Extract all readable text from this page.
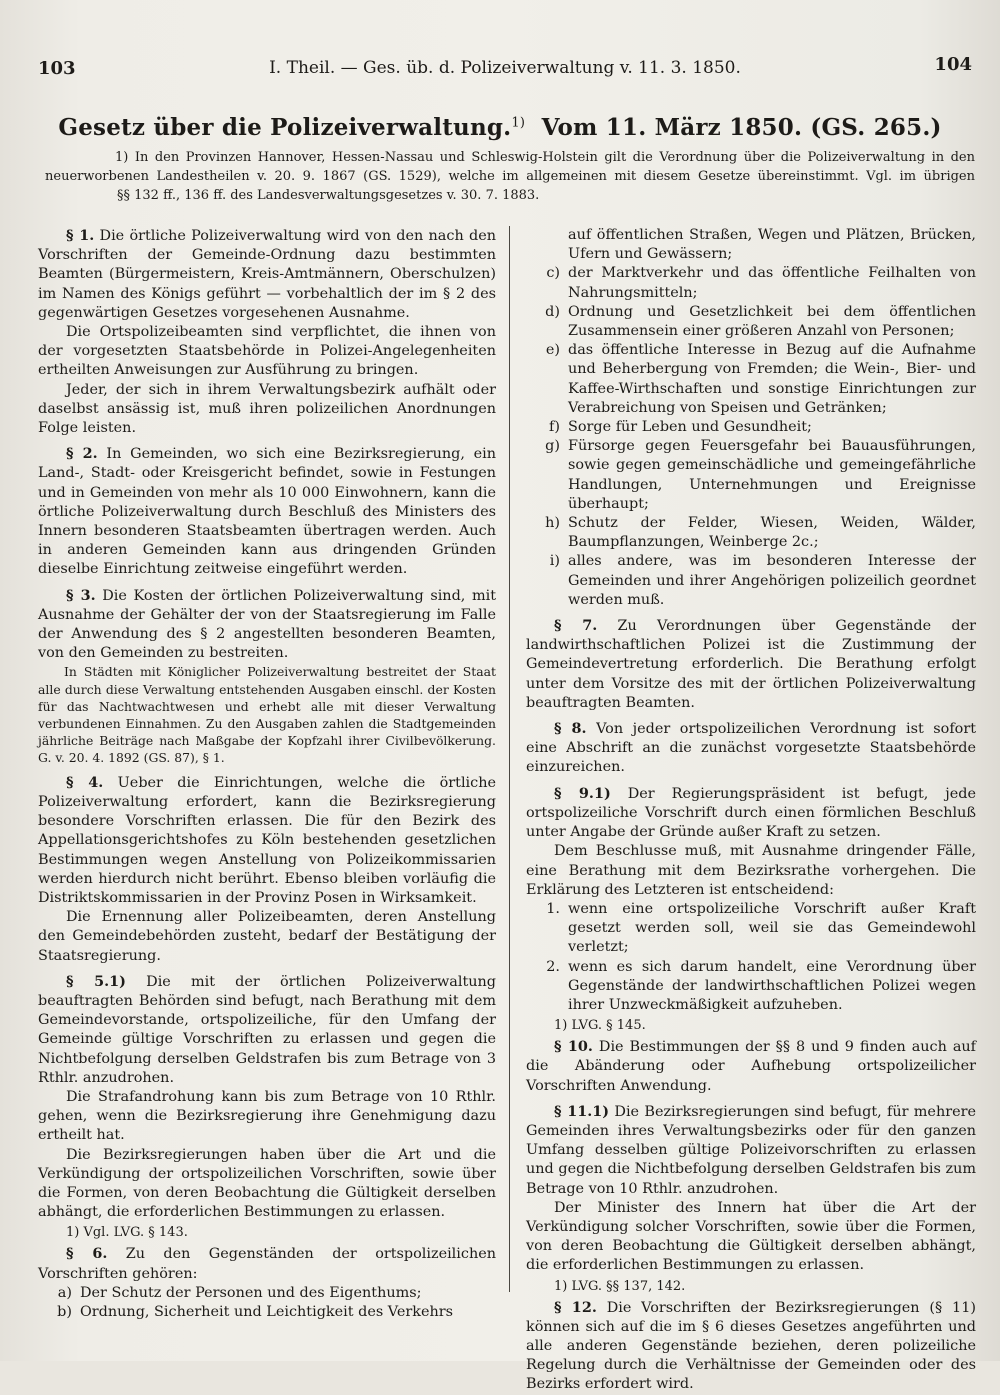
103	I. Theil. — Ges. üb. d. Polizeiverwaltung v. 11. 3. 1850.	104
Gesetz über die Polizeiverwaltung.$^{1)}$ Vom 11. März 1850. (GS. 265.)
1) In den Provinzen Hannover, Hessen-Nassau und Schleswig-Holstein gilt die Verordnung über die Polizeiverwaltung in den
neuerworbenen Landestheilen v. 20. 9. 1867 (GS. 1529), welche im allgemeinen mit diesem Gesetze übereinstimmt. Vgl. im übrigen
§§ 132 ff., 136 ff. des Landesverwaltungsgesetzes v. 30. 7. 1883.

§ 1. Die örtliche Polizeiverwaltung wird von den nach den Vorschriften der Gemeinde-Ordnung dazu bestimmten Beamten (Bürgermeistern, Kreis-Amtmännern, Oberschulzen) im Namen des Königs geführt — vorbehaltlich der im § 2 des gegenwärtigen Gesetzes vorgesehenen Ausnahme.

Die Ortspolizeibeamten sind verpflichtet, die ihnen von der vorgesetzten Staatsbehörde in Polizei-Angelegenheiten ertheilten Anweisungen zur Ausführung zu bringen.

Jeder, der sich in ihrem Verwaltungsbezirk aufhält oder daselbst ansässig ist, muß ihren polizeilichen Anordnungen Folge leisten.

§ 2. In Gemeinden, wo sich eine Bezirksregierung, ein Land-, Stadt- oder Kreisgericht befindet, sowie in Festungen und in Gemeinden von mehr als 10 000 Einwohnern, kann die örtliche Polizeiverwaltung durch Beschluß des Ministers des Innern besonderen Staatsbeamten übertragen werden. Auch in anderen Gemeinden kann aus dringenden Gründen dieselbe Einrichtung zeitweise eingeführt werden.

§ 3. Die Kosten der örtlichen Polizeiverwaltung sind, mit Ausnahme der Gehälter der von der Staatsregierung im Falle der Anwendung des § 2 angestellten besonderen Beamten, von den Gemeinden zu bestreiten.

In Städten mit Königlicher Polizeiverwaltung bestreitet der Staat alle durch diese Verwaltung entstehenden Ausgaben einschl. der Kosten für das Nachtwachtwesen und erhebt alle mit dieser Verwaltung verbundenen Einnahmen. Zu den Ausgaben zahlen die Stadtgemeinden jährliche Beiträge nach Maßgabe der Kopfzahl ihrer Civilbevölkerung. G. v. 20. 4. 1892 (GS. 87), § 1.

§ 4. Ueber die Einrichtungen, welche die örtliche Polizeiverwaltung erfordert, kann die Bezirksregierung besondere Vorschriften erlassen. Die für den Bezirk des Appellationsgerichtshofes zu Köln bestehenden gesetzlichen Bestimmungen wegen Anstellung von Polizeikommissarien werden hierdurch nicht berührt. Ebenso bleiben vorläufig die Distriktskommissarien in der Provinz Posen in Wirksamkeit.

Die Ernennung aller Polizeibeamten, deren Anstellung den Gemeindebehörden zusteht, bedarf der Bestätigung der Staatsregierung.

§ 5.1) Die mit der örtlichen Polizeiverwaltung beauftragten Behörden sind befugt, nach Berathung mit dem Gemeindevorstande, ortspolizeiliche, für den Umfang der Gemeinde gültige Vorschriften zu erlassen und gegen die Nichtbefolgung derselben Geldstrafen bis zum Betrage von 3 Rthlr. anzudrohen.

Die Strafandrohung kann bis zum Betrage von 10 Rthlr. gehen, wenn die Bezirksregierung ihre Genehmigung dazu ertheilt hat.

Die Bezirksregierungen haben über die Art und die Verkündigung der ortspolizeilichen Vorschriften, sowie über die Formen, von deren Beobachtung die Gültigkeit derselben abhängt, die erforderlichen Bestimmungen zu erlassen.

1) Vgl. LVG. § 143.

§ 6. Zu den Gegenständen der ortspolizeilichen Vorschriften gehören:

a) Der Schutz der Personen und des Eigenthums;
b) Ordnung, Sicherheit und Leichtigkeit des Verkehrs
auf öffentlichen Straßen, Wegen und Plätzen, Brücken, Ufern und Gewässern;
c) der Marktverkehr und das öffentliche Feilhalten von Nahrungsmitteln;
d) Ordnung und Gesetzlichkeit bei dem öffentlichen Zusammensein einer größeren Anzahl von Personen;
e) das öffentliche Interesse in Bezug auf die Aufnahme und Beherbergung von Fremden; die Wein-, Bier- und Kaffee-Wirthschaften und sonstige Einrichtungen zur Verabreichung von Speisen und Getränken;
f) Sorge für Leben und Gesundheit;
g) Fürsorge gegen Feuersgefahr bei Bauausführungen, sowie gegen gemeinschädliche und gemeingefährliche Handlungen, Unternehmungen und Ereignisse überhaupt;
h) Schutz der Felder, Wiesen, Weiden, Wälder, Baumpflanzungen, Weinberge 2c.;
i) alles andere, was im besonderen Interesse der Gemeinden und ihrer Angehörigen polizeilich geordnet werden muß.

§ 7. Zu Verordnungen über Gegenstände der landwirthschaftlichen Polizei ist die Zustimmung der Gemeindevertretung erforderlich. Die Berathung erfolgt unter dem Vorsitze des mit der örtlichen Polizeiverwaltung beauftragten Beamten.

§ 8. Von jeder ortspolizeilichen Verordnung ist sofort eine Abschrift an die zunächst vorgesetzte Staatsbehörde einzureichen.

§ 9.1) Der Regierungspräsident ist befugt, jede ortspolizeiliche Vorschrift durch einen förmlichen Beschluß unter Angabe der Gründe außer Kraft zu setzen.

Dem Beschlusse muß, mit Ausnahme dringender Fälle, eine Berathung mit dem Bezirksrathe vorhergehen. Die Erklärung des Letzteren ist entscheidend:

1. wenn eine ortspolizeiliche Vorschrift außer Kraft gesetzt werden soll, weil sie das Gemeindewohl verletzt;
2. wenn es sich darum handelt, eine Verordnung über Gegenstände der landwirthschaftlichen Polizei wegen ihrer Unzweckmäßigkeit aufzuheben.

1) LVG. § 145.

§ 10. Die Bestimmungen der §§ 8 und 9 finden auch auf die Abänderung oder Aufhebung ortspolizeilicher Vorschriften Anwendung.

§ 11.1) Die Bezirksregierungen sind befugt, für mehrere Gemeinden ihres Verwaltungsbezirks oder für den ganzen Umfang desselben gültige Polizeivorschriften zu erlassen und gegen die Nichtbefolgung derselben Geldstrafen bis zum Betrage von 10 Rthlr. anzudrohen.

Der Minister des Innern hat über die Art der Verkündigung solcher Vorschriften, sowie über die Formen, von deren Beobachtung die Gültigkeit derselben abhängt, die erforderlichen Bestimmungen zu erlassen.

1) LVG. §§ 137, 142.

§ 12. Die Vorschriften der Bezirksregierungen (§ 11) können sich auf die im § 6 dieses Gesetzes angeführten und alle anderen Gegenstände beziehen, deren polizeiliche Regelung durch die Verhältnisse der Gemeinden oder des Bezirks erfordert wird.
